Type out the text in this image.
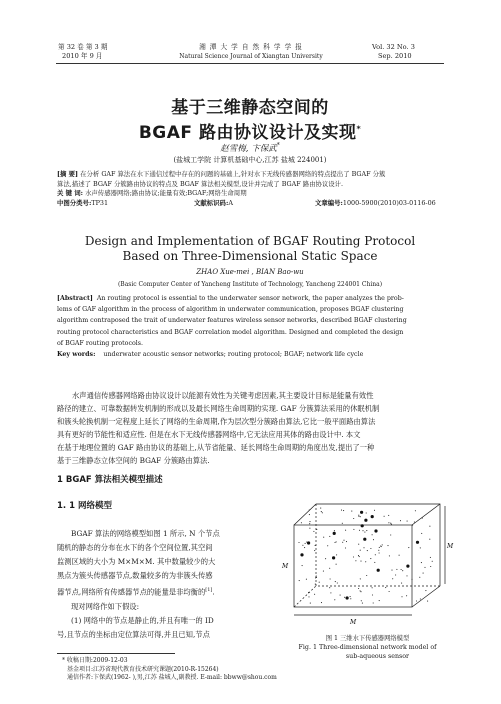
第 32 卷 第 3 期
2010 年 9 月
湘 潭 大 学 自 然 科 学 学 报
Natural Science Journal of Xiangtan University
Vol. 32 No. 3
Sep. 2010
基于三维静态空间的
BGAF 路由协议设计及实现*
赵雪梅, 卞保武*
(盐城工学院 计算机基础中心,江苏 盐城 224001)
[摘 要] 在分析 GAF 算法在水下通信过程中存在的问题的基础上,针对水下无线传感器网络的特点提出了 BGAF 分簇
算法,描述了 BGAF 分簇路由协议的特点及 BGAF 算法相关模型,设计并完成了 BGAF 路由协议设计.
关 键 词: 水声传感器网络;路由协议;能量有效;BGAF;网络生命周期
中图分类号:TP31	文献标识码:A	文章编号:1000-5900(2010)03-0116-06
Design and Implementation of BGAF Routing Protocol
Based on Three-Dimensional Static Space
ZHAO Xue-mei , BIAN Bao-wu
(Basic Computer Center of Yancheng Institute of Technology, Yancheng 224001 China)
[Abstract] An routing protocol is essential to the underwater sensor network, the paper analyzes the prob-
lems of GAF algorithm in the process of algorithm in underwater communication, proposes BGAF clustering
algorithm contraposed the trait of underwater features wireless sensor networks, described BGAF clustering
routing protocol characteristics and BGAF correlation model algorithm. Designed and completed the design
of BGAF routing protocols.
Key words: underwater acoustic sensor networks; routing protocol; BGAF; network life cycle
水声通信传感器网络路由协议设计以能源有效性为关键考虑因素,其主要设计目标是能量有效性
路径的建立、可靠数据转发机制的形成以及最长网络生命周期的实现. GAF 分簇算法采用的休眠机制
和簇头轮换机制一定程度上延长了网络的生命周期,作为层次型分簇路由算法,它比一般平面路由算法
具有更好的节能性和适应性. 但是在水下无线传感器网络中,它无法应用其体的路由设计中. 本文
在基于地理位置的 GAF 路由协议的基础上,从节省能量、延长网络生命周期的角度出发,提出了一种
基于三维静态立体空间的 BGAF 分簇路由算法.
1 BGAF 算法相关模型描述
1. 1 网络模型
BGAF 算法的网络模型如图 1 所示, N 个节点
随机的静态的分布在水下的各个空间位置,其空间
监测区域的大小为 M×M×M. 其中数量较少的大
黑点为簇头传感器节点,数量较多的为非簇头传感
器节点,网络所有传感器节点的能量是非均衡的[1].
现对网络作如下假设:
(1) 网络中的节点是静止的,并且有唯一的 ID
号,且节点的坐标由定位算法可得,并且已知,节点
M
M
M
图 1 三维水下传感器网络模型
Fig. 1 Three-dimensional network model of
sub-aqueous sensor
* 收稿日期:2009-12-03
基金项目:江苏省现代教育技术研究课题(2010-R-15264)
通信作者:卞保武(1962- ),男,江苏 盐城人,副教授. E-mail: bbww@shou.com
